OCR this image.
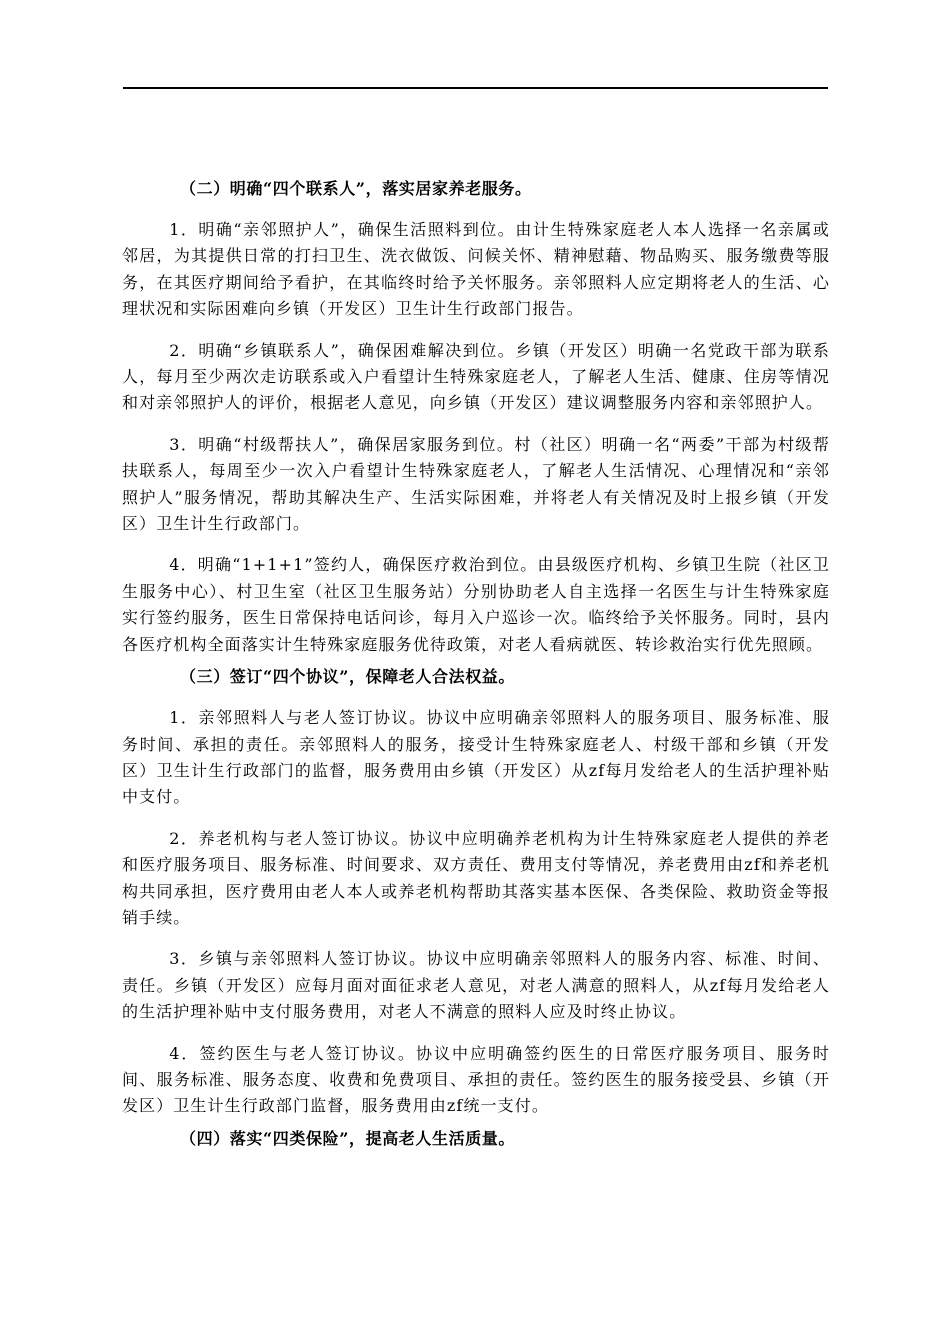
（二）明确“四个联系人”，落实居家养老服务。

1．明确“亲邻照护人”，确保生活照料到位。由计生特殊家庭老人本人选择一名亲属或邻居，为其提供日常的打扫卫生、洗衣做饭、问候关怀、精神慰藉、物品购买、服务缴费等服务，在其医疗期间给予看护，在其临终时给予关怀服务。亲邻照料人应定期将老人的生活、心理状况和实际困难向乡镇（开发区）卫生计生行政部门报告。

2．明确“乡镇联系人”，确保困难解决到位。乡镇（开发区）明确一名党政干部为联系人，每月至少两次走访联系或入户看望计生特殊家庭老人，了解老人生活、健康、住房等情况和对亲邻照护人的评价，根据老人意见，向乡镇（开发区）建议调整服务内容和亲邻照护人。

3．明确“村级帮扶人”，确保居家服务到位。村（社区）明确一名“两委”干部为村级帮扶联系人，每周至少一次入户看望计生特殊家庭老人，了解老人生活情况、心理情况和“亲邻照护人”服务情况，帮助其解决生产、生活实际困难，并将老人有关情况及时上报乡镇（开发区）卫生计生行政部门。

4．明确“1+1+1”签约人，确保医疗救治到位。由县级医疗机构、乡镇卫生院（社区卫生服务中心）、村卫生室（社区卫生服务站）分别协助老人自主选择一名医生与计生特殊家庭实行签约服务，医生日常保持电话问诊，每月入户巡诊一次。临终给予关怀服务。同时，县内各医疗机构全面落实计生特殊家庭服务优待政策，对老人看病就医、转诊救治实行优先照顾。

（三）签订“四个协议”，保障老人合法权益。

1．亲邻照料人与老人签订协议。协议中应明确亲邻照料人的服务项目、服务标准、服务时间、承担的责任。亲邻照料人的服务，接受计生特殊家庭老人、村级干部和乡镇（开发区）卫生计生行政部门的监督，服务费用由乡镇（开发区）从zf每月发给老人的生活护理补贴中支付。

2．养老机构与老人签订协议。协议中应明确养老机构为计生特殊家庭老人提供的养老和医疗服务项目、服务标准、时间要求、双方责任、费用支付等情况，养老费用由zf和养老机构共同承担，医疗费用由老人本人或养老机构帮助其落实基本医保、各类保险、救助资金等报销手续。

3．乡镇与亲邻照料人签订协议。协议中应明确亲邻照料人的服务内容、标准、时间、责任。乡镇（开发区）应每月面对面征求老人意见，对老人满意的照料人，从zf每月发给老人的生活护理补贴中支付服务费用，对老人不满意的照料人应及时终止协议。

4．签约医生与老人签订协议。协议中应明确签约医生的日常医疗服务项目、服务时间、服务标准、服务态度、收费和免费项目、承担的责任。签约医生的服务接受县、乡镇（开发区）卫生计生行政部门监督，服务费用由zf统一支付。

（四）落实“四类保险”，提高老人生活质量。
